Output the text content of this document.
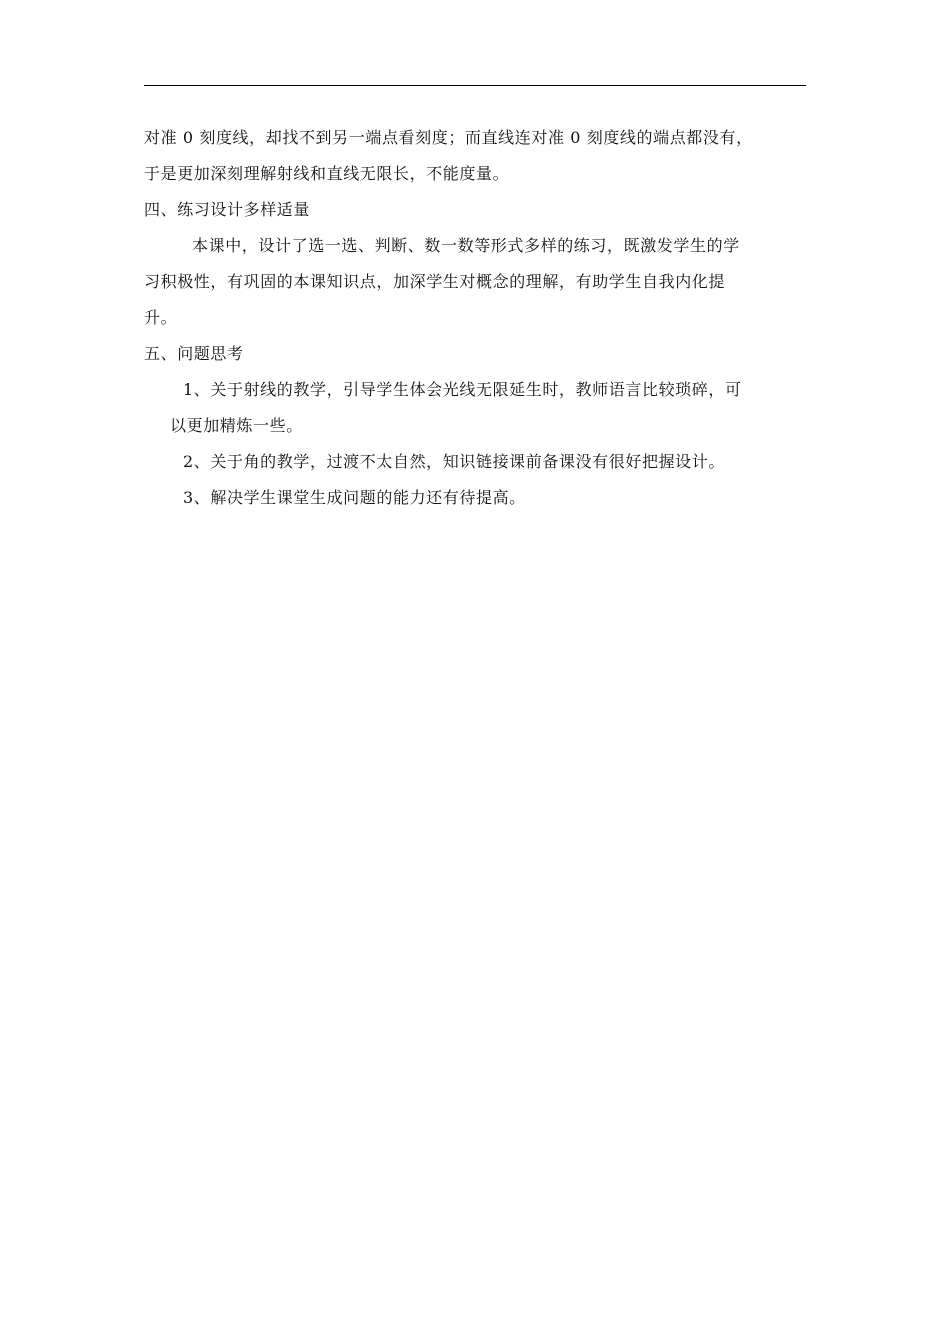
对准 0 刻度线，却找不到另一端点看刻度；而直线连对准 0 刻度线的端点都没有，
于是更加深刻理解射线和直线无限长，不能度量。
四、练习设计多样适量
本课中，设计了选一选、判断、数一数等形式多样的练习，既激发学生的学
习积极性，有巩固的本课知识点，加深学生对概念的理解，有助学生自我内化提
升。
五、问题思考
1、关于射线的教学，引导学生体会光线无限延生时，教师语言比较琐碎，可
以更加精炼一些。
2、关于角的教学，过渡不太自然，知识链接课前备课没有很好把握设计。
3、解决学生课堂生成问题的能力还有待提高。
